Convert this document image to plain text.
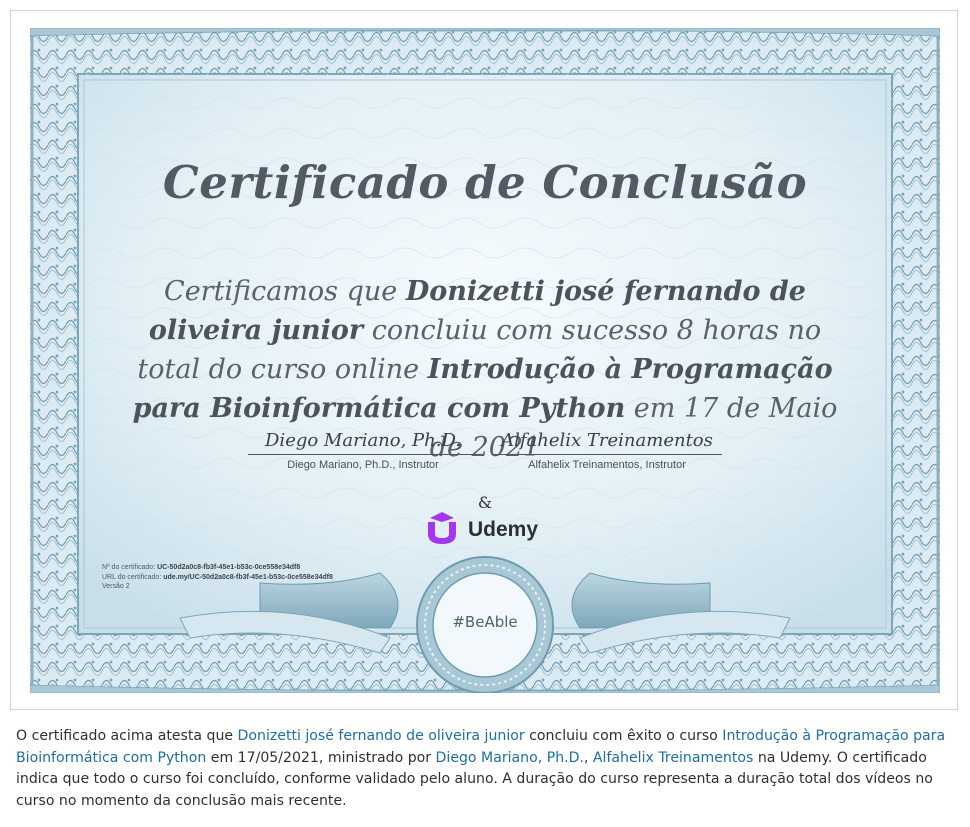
Certificado de Conclusão
Certificamos que Donizetti josé fernando de
oliveira junior concluiu com sucesso 8 horas no total do curso online Introdução à Programação
para Bioinformática com Python em 17 de Maio de 2021
Diego Mariano, Ph.D.
Diego Mariano, Ph.D., Instrutor
Alfahelix Treinamentos
Alfahelix Treinamentos, Instrutor
&
Udemy
Nº do certificado: UC-50d2a0c8-fb3f-45e1-b53c-0ce558e34df8
URL do certificado: ude.my/UC-50d2a0c8-fb3f-45e1-b53c-0ce558e34df8
Versão 2
#BeAble
O certificado acima atesta que Donizetti josé fernando de oliveira junior concluiu com êxito o curso Introdução à Programação para Bioinformática com Python em 17/05/2021, ministrado por Diego Mariano, Ph.D., Alfahelix Treinamentos na Udemy. O certificado indica que todo o curso foi concluído, conforme validado pelo aluno. A duração do curso representa a duração total dos vídeos no curso no momento da conclusão mais recente.
